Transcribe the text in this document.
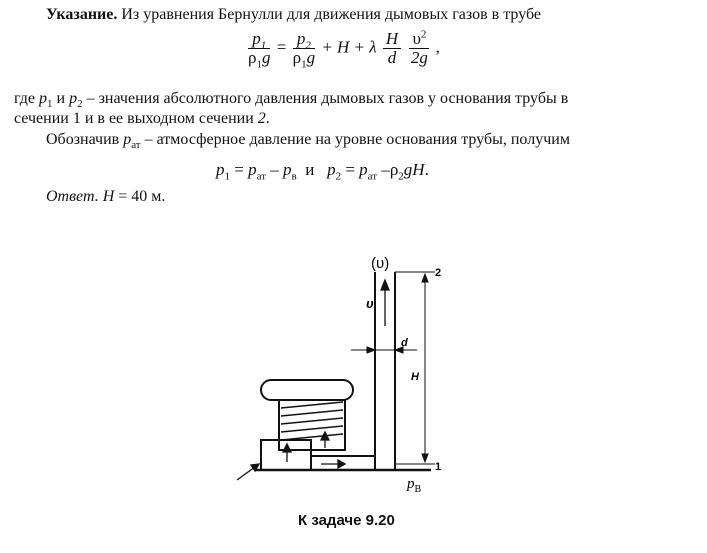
Указание. Из уравнения Бернулли для движения дымовых газов в трубе
$\frac{p_1}{\rho_1g} = \frac{p_2}{\rho_1g} + H + \lambda \frac{H}{d}$
$\frac{\upsilon^2}{2g}$ ,
где $p_1$ и $p_2$ – значения абсолютного давления дымовых газов у основания трубы в
сечении 1 и в ее выходном сечении 2.
Обозначив $p_{ат}$ – атмосферное давление на уровне основания трубы, получим
$p_1 = p_{ат} - p_в$  и   $p_2 = p_{ат}$ $-\rho_2gH$.
Ответ. H = 40 м.
(υ)
2
υ
d
H
1
$p_В$
К задаче 9.20
